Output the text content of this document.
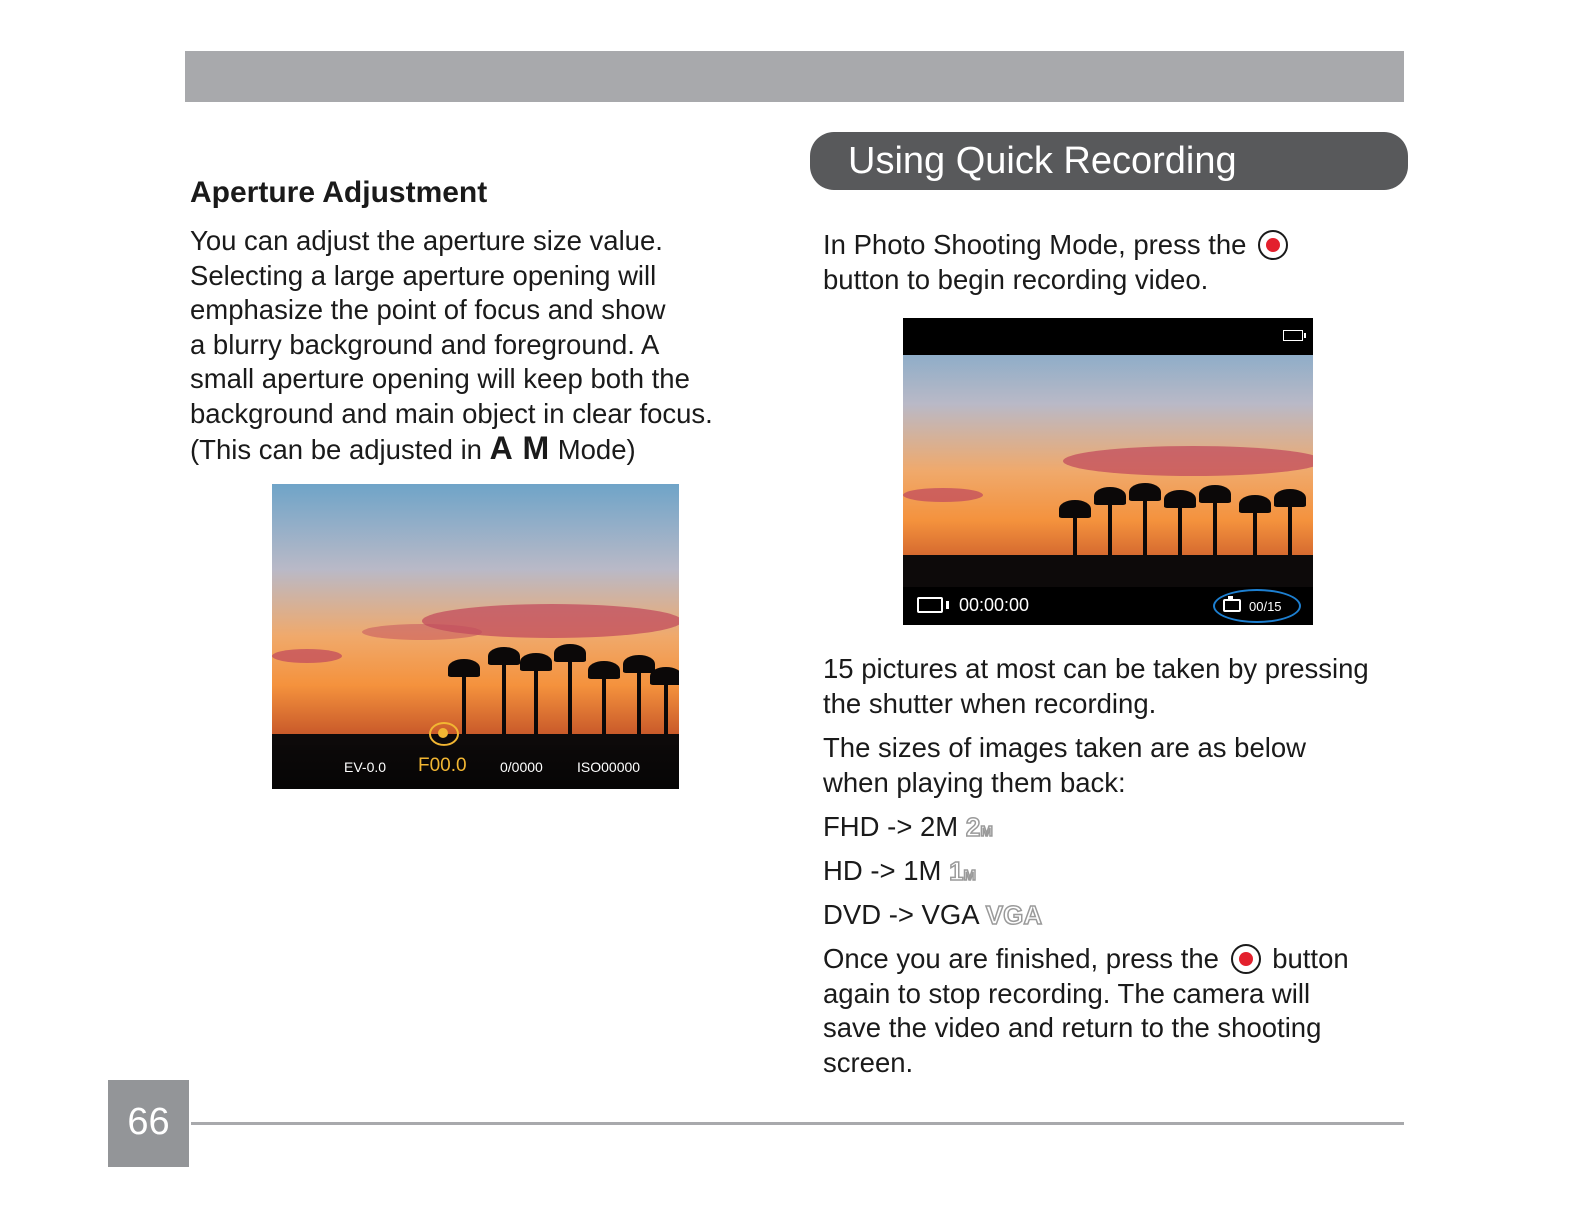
Aperture Adjustment

You can adjust the aperture size value.

Selecting a large aperture opening will

emphasize the point of focus and show

a blurry background and foreground. A

small aperture opening will keep both the

background and main object in clear focus.

(This can be adjusted in A M Mode)

EV-0.0 F00.0 0/0000 ISO00000
Using Quick Recording

In Photo Shooting Mode, press the

button to begin recording video.

00:00:00	00/15

15 pictures at most can be taken by pressing

the shutter when recording.

The sizes of images taken are as below

when playing them back:

FHD -> 2M 2M

HD -> 1M 1M

DVD -> VGA VGA

Once you are finished, press the button

again to stop recording. The camera will

save the video and return to the shooting

screen.

66
